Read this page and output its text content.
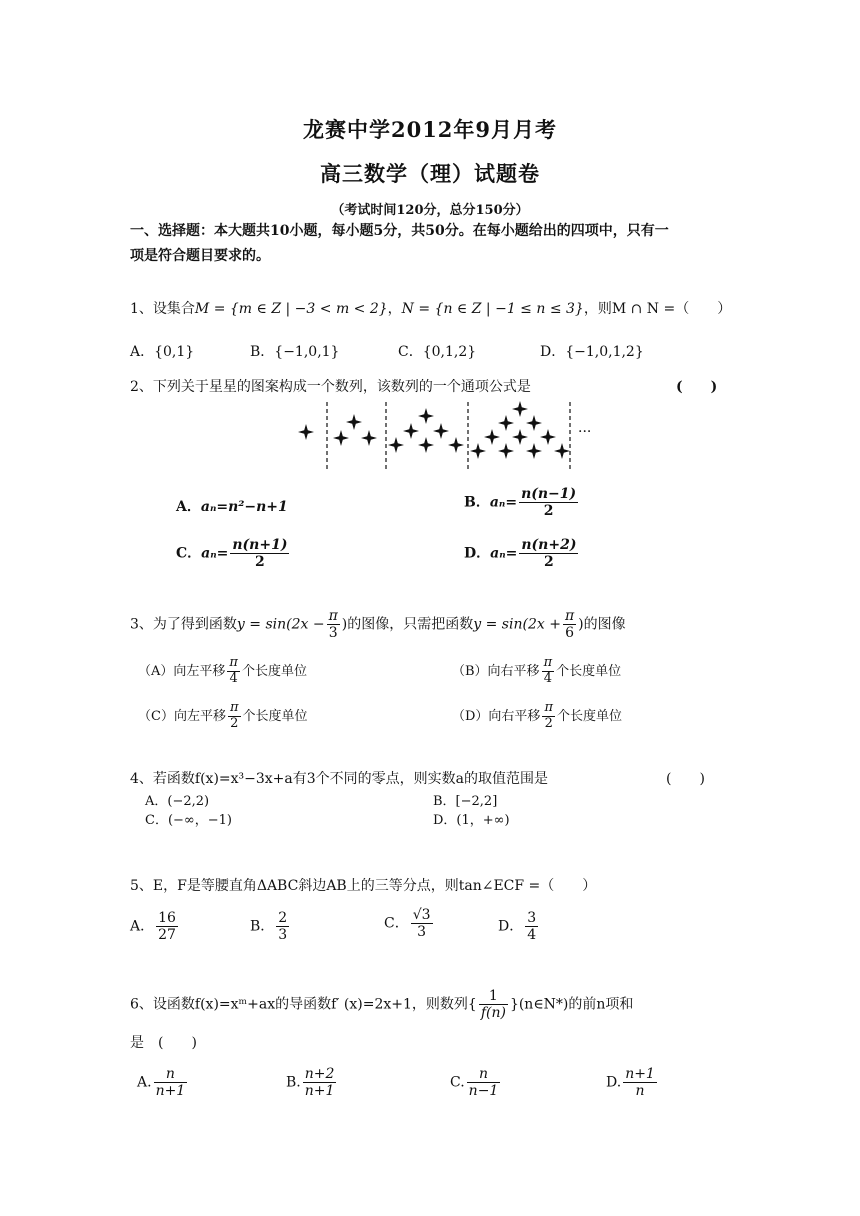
龙赛中学2012年9月月考
高三数学（理）试题卷
（考试时间120分，总分150分）
一、选择题：本大题共10小题，每小题5分，共50分。在每小题给出的四项中，只有一
项是符合题目要求的。
1、设集合M = {m ∈ Z | −3 < m < 2}，N = {n ∈ Z | −1 ≤ n ≤ 3}，则M ∩ N =（　　）
A．{0,1}	B．{−1,0,1}	C．{0,1,2}	D．{−1,0,1,2}
2、下列关于星星的图案构成一个数列，该数列的一个通项公式是	(　　)
···
A．aₙ=n²−n+1	B．$a_n= \frac{n(n-1)}{2}$
C．$a_n= \frac{n(n+1)}{2}$	D．$a_n= \frac{n(n+2)}{2}$
3、为了得到函数$y = \sin(2x - \frac{\pi}{3}$ )的图像，只需把函数$y = \sin(2x + \frac{\pi}{6}$ )的图像
（A）向左平移 $\frac{\pi}{4}$ 个长度单位	（B）向右平移 $\frac{\pi}{4}$ 个长度单位
（C）向左平移 $\frac{\pi}{2}$ 个长度单位	（D）向右平移 $\frac{\pi}{2}$ 个长度单位
4、若函数f(x)=x³−3x+a有3个不同的零点，则实数a的取值范围是	(　　)
A．(−2,2)	B．[−2,2]
C．(−∞，−1)	D．(1，+∞)
5、E，F是等腰直角ΔABC斜边AB上的三等分点，则tan∠ECF =（　　）
A． $\frac{16}{27}$	B． $\frac{2}{3}$	C． $\frac{√3}{3}$	D． $\frac{3}{4}$
6、设函数f(x)=xᵐ+ax的导函数f′ (x)=2x+1，则数列{ $\frac{1}{f(n)}$ }(n∈N*)的前n项和
是　(　　)
A. $\frac{n}{n+1}$	B. $\frac{n+2}{n+1}$	C. $\frac{n}{n-1}$	D. $\frac{n+1}{n}$
